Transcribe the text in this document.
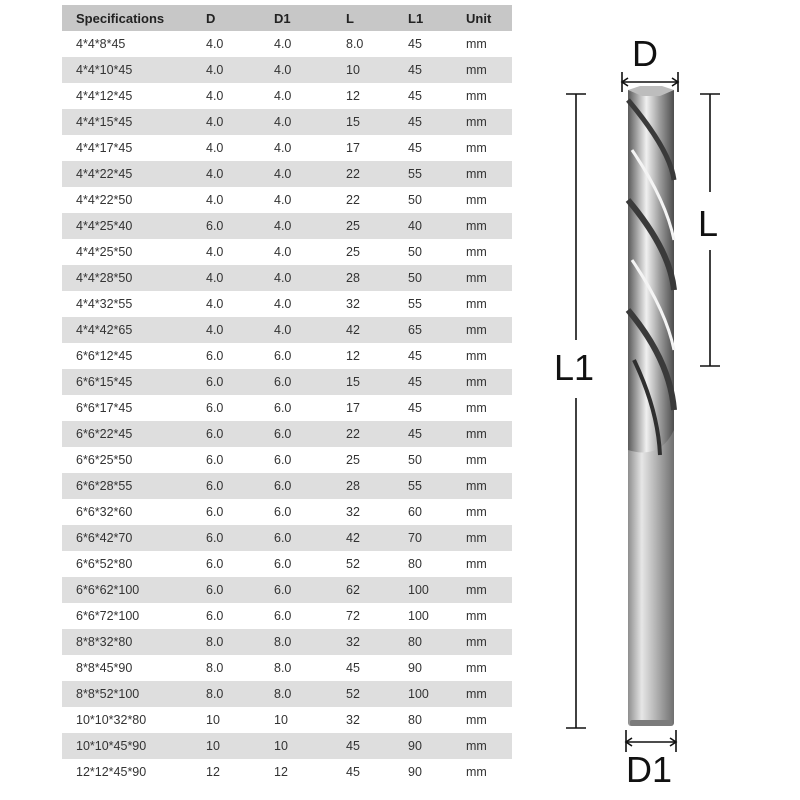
Specifications	D	D1	L	L1	Unit
4*4*8*45	4.0	4.0	8.0	45	mm
4*4*10*45	4.0	4.0	10	45	mm
4*4*12*45	4.0	4.0	12	45	mm
4*4*15*45	4.0	4.0	15	45	mm
4*4*17*45	4.0	4.0	17	45	mm
4*4*22*45	4.0	4.0	22	55	mm
4*4*22*50	4.0	4.0	22	50	mm
4*4*25*40	6.0	4.0	25	40	mm
4*4*25*50	4.0	4.0	25	50	mm
4*4*28*50	4.0	4.0	28	50	mm
4*4*32*55	4.0	4.0	32	55	mm
4*4*42*65	4.0	4.0	42	65	mm
6*6*12*45	6.0	6.0	12	45	mm
6*6*15*45	6.0	6.0	15	45	mm
6*6*17*45	6.0	6.0	17	45	mm
6*6*22*45	6.0	6.0	22	45	mm
6*6*25*50	6.0	6.0	25	50	mm
6*6*28*55	6.0	6.0	28	55	mm
6*6*32*60	6.0	6.0	32	60	mm
6*6*42*70	6.0	6.0	42	70	mm
6*6*52*80	6.0	6.0	52	80	mm
6*6*62*100	6.0	6.0	62	100	mm
6*6*72*100	6.0	6.0	72	100	mm
8*8*32*80	8.0	8.0	32	80	mm
8*8*45*90	8.0	8.0	45	90	mm
8*8*52*100	8.0	8.0	52	100	mm
10*10*32*80	10	10	32	80	mm
10*10*45*90	10	10	45	90	mm
12*12*45*90	12	12	45	90	mm
D
L
L1
D1
